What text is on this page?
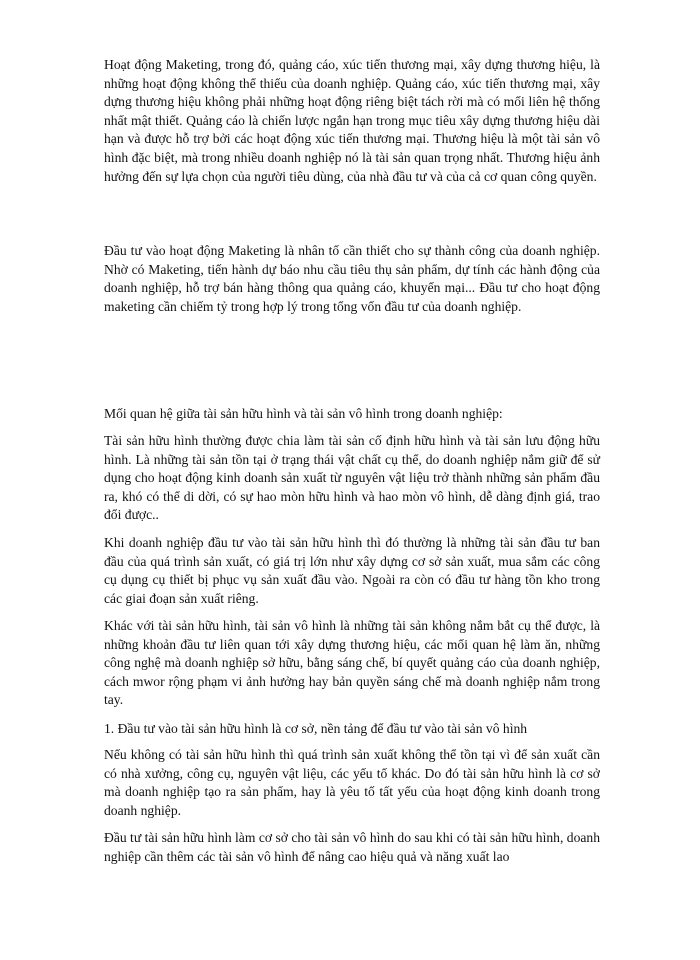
Hoạt động Maketing, trong đó, quảng cáo, xúc tiến thương mại, xây dựng thương hiệu, là những hoạt động không thể thiếu của doanh nghiệp. Quảng cáo, xúc tiến thương mại, xây dựng thương hiệu không phải những hoạt động riêng biệt tách rời mà có mối liên hệ thống nhất mật thiết. Quảng cáo là chiến lược ngắn hạn trong mục tiêu xây dựng thương hiệu dài hạn và được hỗ trợ bởi các hoạt động xúc tiến thương mại. Thương hiệu là một tài sản vô hình đặc biệt, mà trong nhiều doanh nghiệp nó là tài sản quan trọng nhất. Thương hiệu ảnh hưởng đến sự lựa chọn của người tiêu dùng, của nhà đầu tư và của cả cơ quan công quyền.

Đầu tư vào hoạt động Maketing là nhân tố cần thiết cho sự thành công của doanh nghiệp. Nhờ có Maketing, tiến hành dự báo nhu cầu tiêu thụ sản phẩm, dự tính các hành động của doanh nghiệp, hỗ trợ bán hàng thông qua quảng cáo, khuyến mại... Đầu tư cho hoạt động maketing cần chiếm tỷ trong hợp lý trong tổng vốn đầu tư của doanh nghiệp.

Mối quan hệ giữa tài sản hữu hình và tài sản vô hình trong doanh nghiệp:

Tài sản hữu hình thường được chia làm tài sản cố định hữu hình và tài sản lưu động hữu hình. Là những tài sản tồn tại ở trạng thái vật chất cụ thể, do doanh nghiệp nắm giữ để sử dụng cho hoạt động kinh doanh sản xuất từ nguyên vật liệu trở thành những sản phẩm đầu ra, khó có thể di dời, có sự hao mòn hữu hình và hao mòn vô hình, dễ dàng định giá, trao đổi được..

Khi doanh nghiệp đầu tư vào tài sản hữu hình thì đó thường là những tài sản đầu tư ban đầu của quá trình sản xuất, có giá trị lớn như xây dựng cơ sở sản xuất, mua sắm các công cụ dụng cụ thiết bị phục vụ sản xuất đầu vào. Ngoài ra còn có đầu tư hàng tồn kho trong các giai đoạn sản xuất riêng.

Khác với tài sản hữu hình, tài sản vô hình là những tài sản không nắm bắt cụ thể được, là những khoản đầu tư liên quan tới xây dựng thương hiệu, các mối quan hệ làm ăn, những công nghệ mà doanh nghiệp sở hữu, bằng sáng chế, bí quyết quảng cáo của doanh nghiệp, cách mwor rộng phạm vi ảnh hưởng hay bản quyền sáng chế mà doanh nghiệp nắm trong tay.

1. Đầu tư vào tài sản hữu hình là cơ sở, nền tảng để đầu tư vào tài sản vô hình

Nếu không có tài sản hữu hình thì quá trình sản xuất không thể tồn tại vì để sản xuất cần có nhà xưởng, công cụ, nguyên vật liệu, các yếu tố khác. Do đó tài sản hữu hình là cơ sở mà doanh nghiệp tạo ra sản phẩm, hay là yêu tố tất yếu của hoạt động kinh doanh trong doanh nghiệp.

Đầu tư tài sản hữu hình làm cơ sở cho tài sản vô hình do sau khi có tài sản hữu hình, doanh nghiệp cần thêm các tài sản vô hình để nâng cao hiệu quả và năng xuất lao
